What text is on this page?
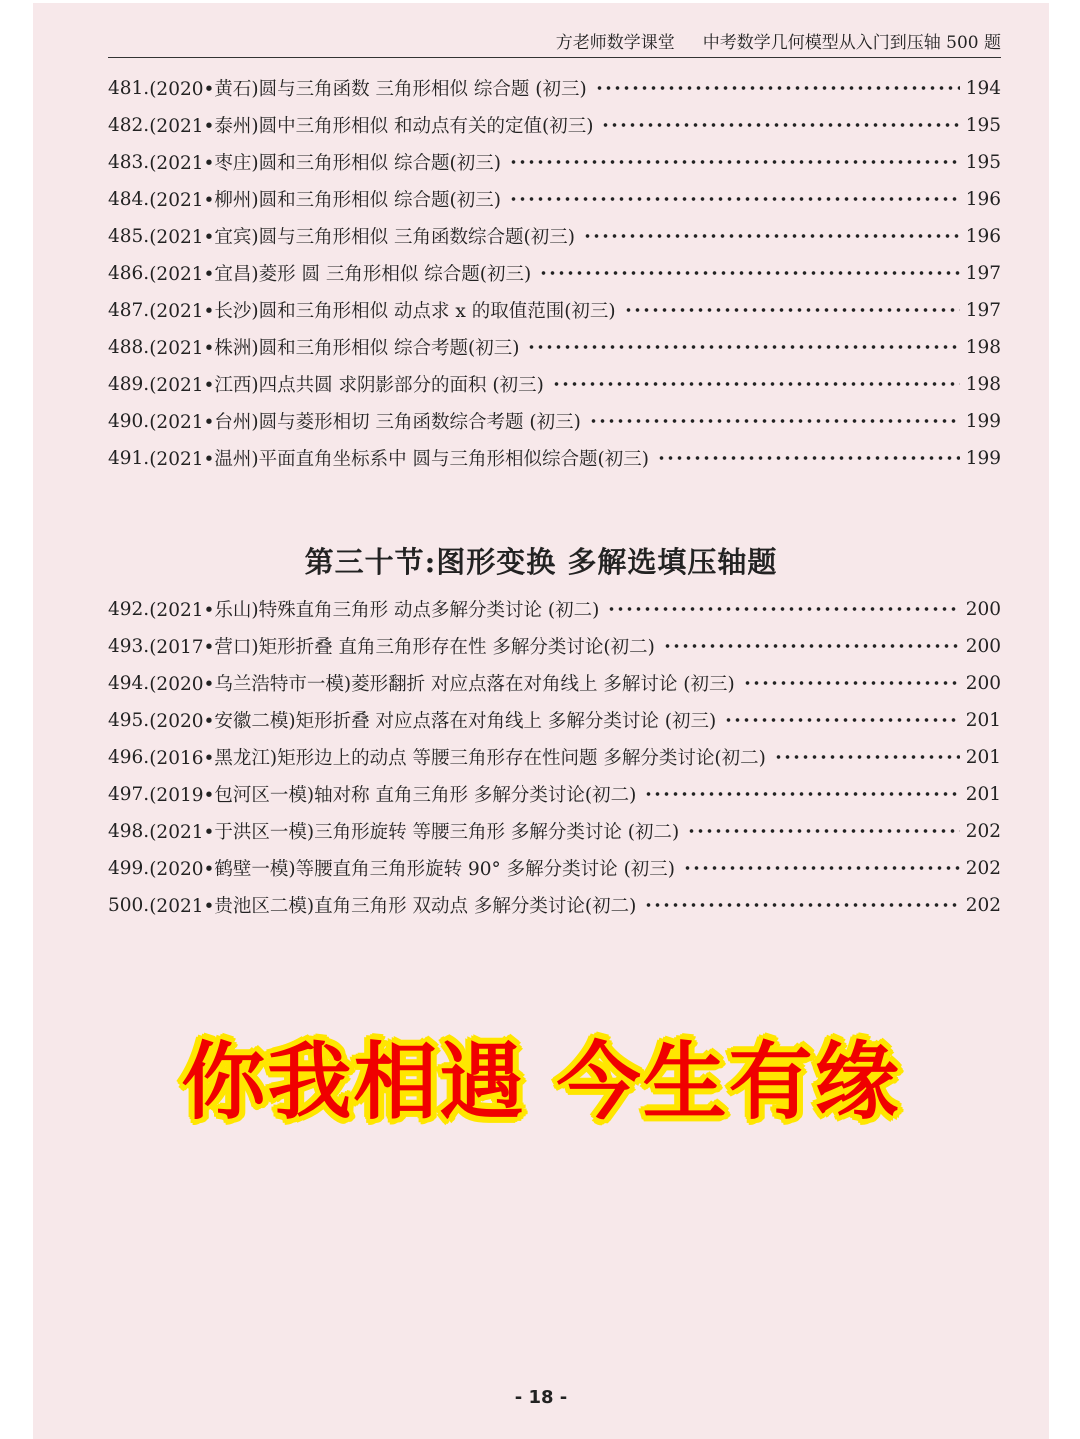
方老师数学课堂 中考数学几何模型从入门到压轴 500 题
481. (2020•黄石)圆与三角函数 三角形相似 综合题 (初三)	194
482. (2021•泰州)圆中三角形相似 和动点有关的定值(初三)	195
483. (2021•枣庄)圆和三角形相似 综合题(初三)	195
484. (2021•柳州)圆和三角形相似 综合题(初三)	196
485. (2021•宜宾)圆与三角形相似 三角函数综合题(初三)	196
486. (2021•宜昌)菱形 圆 三角形相似 综合题(初三)	197
487. (2021•长沙)圆和三角形相似 动点求 x 的取值范围(初三)	197
488. (2021•株洲)圆和三角形相似 综合考题(初三)	198
489. (2021•江西)四点共圆 求阴影部分的面积 (初三)	198
490. (2021•台州)圆与菱形相切 三角函数综合考题 (初三)	199
491. (2021•温州)平面直角坐标系中 圆与三角形相似综合题(初三)	199
第三十节:图形变换 多解选填压轴题
492. (2021•乐山)特殊直角三角形 动点多解分类讨论 (初二)	200
493. (2017•营口)矩形折叠 直角三角形存在性 多解分类讨论(初二)	200
494. (2020•乌兰浩特市一模)菱形翻折 对应点落在对角线上 多解讨论 (初三)	200
495. (2020•安徽二模)矩形折叠 对应点落在对角线上 多解分类讨论 (初三)	201
496. (2016•黑龙江)矩形边上的动点 等腰三角形存在性问题 多解分类讨论(初二)	201
497. (2019•包河区一模)轴对称 直角三角形 多解分类讨论(初二)	201
498. (2021•于洪区一模)三角形旋转 等腰三角形 多解分类讨论 (初二)	202
499. (2020•鹤壁一模)等腰直角三角形旋转 90° 多解分类讨论 (初三)	202
500. (2021•贵池区二模)直角三角形 双动点 多解分类讨论(初二)	202
你我相遇 今生有缘
- 18 -
